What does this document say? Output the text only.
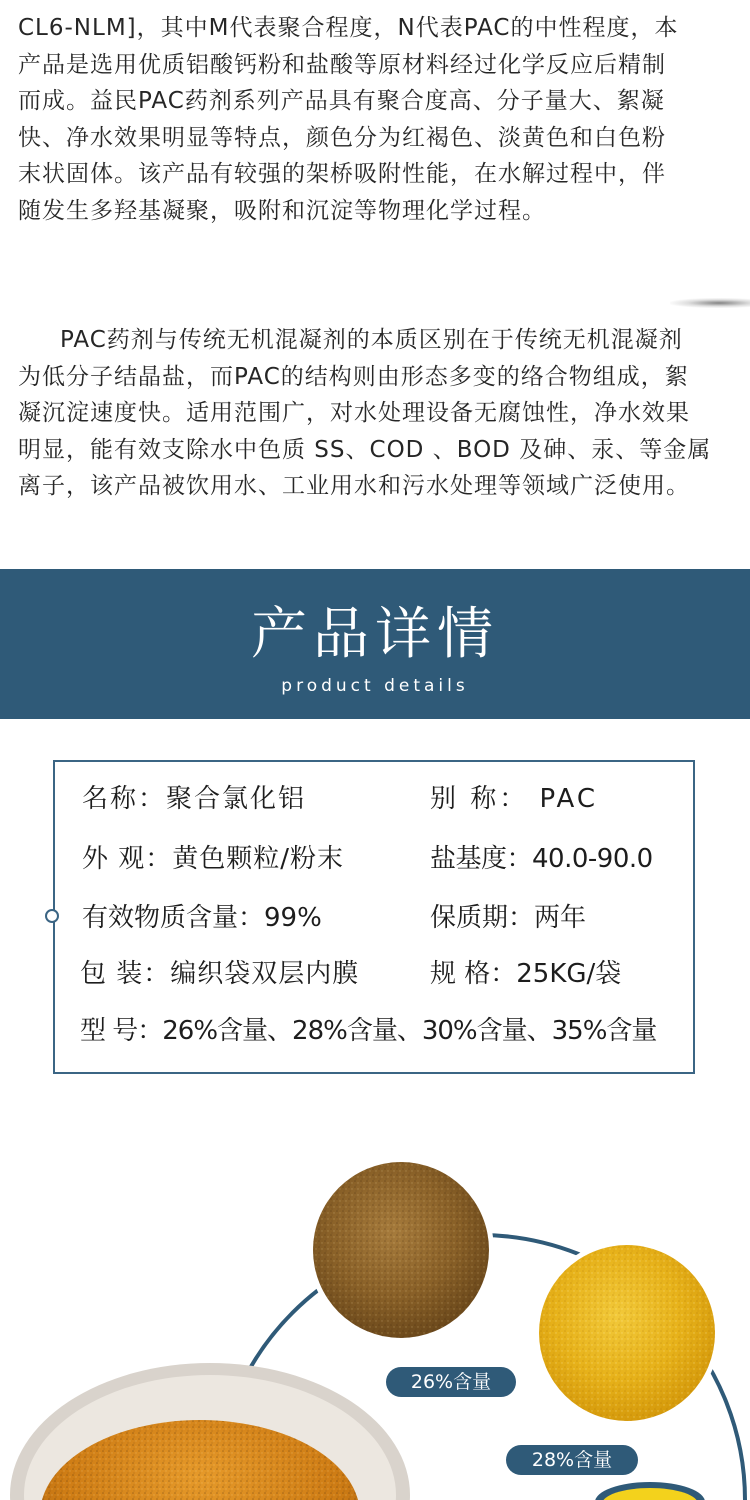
CL6-NLM]，其中M代表聚合程度，N代表PAC的中性程度，本
产品是选用优质铝酸钙粉和盐酸等原材料经过化学反应后精制
而成。益民PAC药剂系列产品具有聚合度高、分子量大、絮凝
快、净水效果明显等特点，颜色分为红褐色、淡黄色和白色粉
末状固体。该产品有较强的架桥吸附性能，在水解过程中，伴
随发生多羟基凝聚，吸附和沉淀等物理化学过程。

PAC药剂与传统无机混凝剂的本质区别在于传统无机混凝剂
为低分子结晶盐，而PAC的结构则由形态多变的络合物组成，絮
凝沉淀速度快。适用范围广，对水处理设备无腐蚀性，净水效果
明显，能有效支除水中色质 SS、COD 、BOD 及砷、汞、等金属
离子，该产品被饮用水、工业用水和污水处理等领域广泛使用。

产品详情
product details
名称：聚合氯化铝	别 称： PAC
外 观：黄色颗粒/粉末	盐基度：40.0-90.0
有效物质含量：99%	保质期：两年
包 装：编织袋双层内膜	规 格：25KG/袋
型 号：26%含量、28%含量、30%含量、35%含量
26%含量
28%含量
